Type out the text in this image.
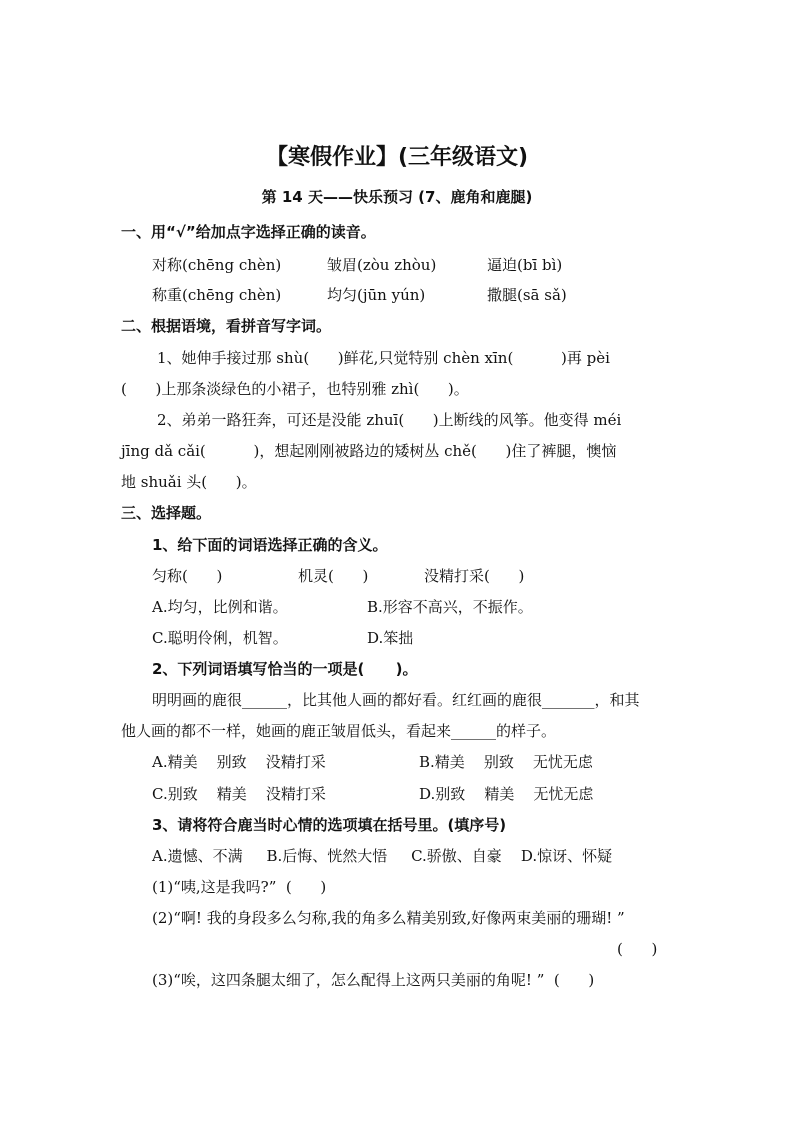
【寒假作业】(三年级语文)
第 14 天——快乐预习 (7、鹿角和鹿腿)
一、用“√”给加点字选择正确的读音。
对称(chēng chèn)	皱眉(zòu zhòu)	逼迫(bī bì)
称重(chēng chèn)	均匀(jūn yún)	撒腿(sā sǎ)
二、根据语境，看拼音写字词。
1、她伸手接过那 shù(      )鲜花,只觉特别 chèn xīn(          )再 pèi
(      )上那条淡绿色的小裙子，也特别雅 zhì(      )。
2、弟弟一路狂奔，可还是没能 zhuī(      )上断线的风筝。他变得 méi
jīng dǎ cǎi(          )，想起刚刚被路边的矮树丛 chě(      )住了裤腿，懊恼
地 shuǎi 头(      )。
三、选择题。
1、给下面的词语选择正确的含义。
匀称(      )	机灵(      )	没精打采(      )
A.均匀，比例和谐。	B.形容不高兴，不振作。
C.聪明伶俐，机智。	D.笨拙
2、下列词语填写恰当的一项是(      )。
明明画的鹿很______，比其他人画的都好看。红红画的鹿很_______，和其
他人画的都不一样，她画的鹿正皱眉低头，看起来______的样子。
A.精美    别致    没精打采	B.精美    别致    无忧无虑
C.别致    精美    没精打采	D.别致    精美    无忧无虑
3、请将符合鹿当时心情的选项填在括号里。(填序号)
A.遗憾、不满     B.后悔、恍然大悟     C.骄傲、自豪    D.惊讶、怀疑
(1)“咦,这是我吗?”  (      )
(2)“啊! 我的身段多么匀称,我的角多么精美别致,好像两束美丽的珊瑚! ”
(      )
(3)“唉，这四条腿太细了，怎么配得上这两只美丽的角呢! ”  (      )
